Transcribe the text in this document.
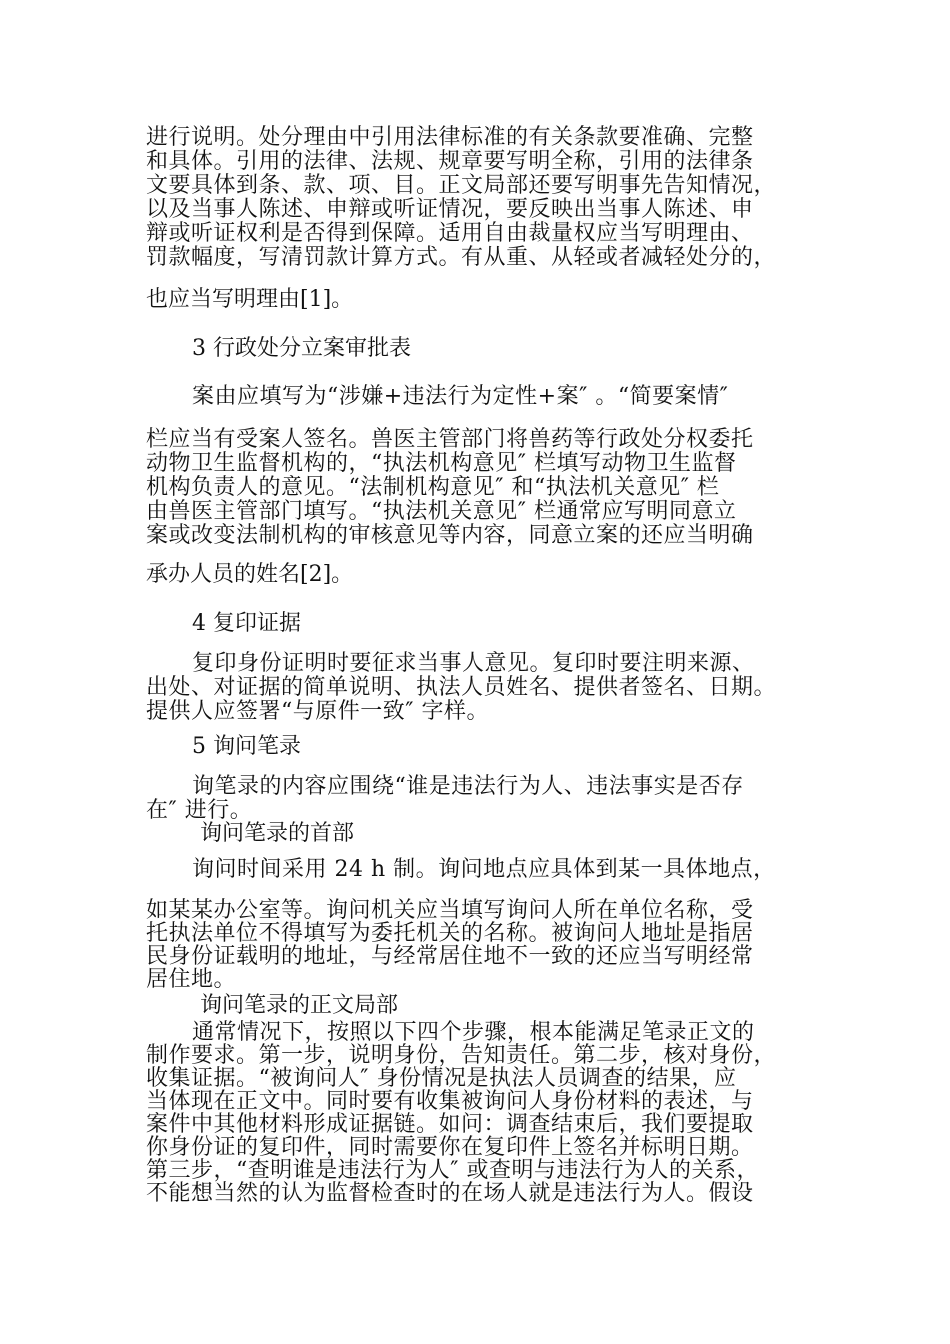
进行说明。处分理由中引用法律标准的有关条款要准确、完整
和具体。引用的法律、法规、规章要写明全称，引用的法律条
文要具体到条、款、项、目。正文局部还要写明事先告知情况，
以及当事人陈述、申辩或听证情况，要反映出当事人陈述、申
辩或听证权利是否得到保障。适用自由裁量权应当写明理由、
罚款幅度，写清罚款计算方式。有从重、从轻或者减轻处分的，
也应当写明理由[1]。
3 行政处分立案审批表
案由应填写为“涉嫌+违法行为定性+案″ 。“简要案情″
栏应当有受案人签名。兽医主管部门将兽药等行政处分权委托
动物卫生监督机构的，“执法机构意见″ 栏填写动物卫生监督
机构负责人的意见。“法制机构意见″ 和“执法机关意见″ 栏
由兽医主管部门填写。“执法机关意见″ 栏通常应写明同意立
案或改变法制机构的审核意见等内容，同意立案的还应当明确
承办人员的姓名[2]。
4 复印证据
复印身份证明时要征求当事人意见。复印时要注明来源、
出处、对证据的简单说明、执法人员姓名、提供者签名、日期。
提供人应签署“与原件一致″ 字样。
5 询问笔录
询笔录的内容应围绕“谁是违法行为人、违法事实是否存
在″ 进行。
询问笔录的首部
询问时间采用 24 h 制。询问地点应具体到某一具体地点，
如某某办公室等。询问机关应当填写询问人所在单位名称，受
托执法单位不得填写为委托机关的名称。被询问人地址是指居
民身份证载明的地址，与经常居住地不一致的还应当写明经常
居住地。
询问笔录的正文局部
通常情况下，按照以下四个步骤，根本能满足笔录正文的
制作要求。第一步，说明身份，告知责任。第二步，核对身份，
收集证据。“被询问人″ 身份情况是执法人员调查的结果，应
当体现在正文中。同时要有收集被询问人身份材料的表述，与
案件中其他材料形成证据链。如问：调查结束后，我们要提取
你身份证的复印件，同时需要你在复印件上签名并标明日期。
第三步，“查明谁是违法行为人″ 或查明与违法行为人的关系，
不能想当然的认为监督检查时的在场人就是违法行为人。假设
